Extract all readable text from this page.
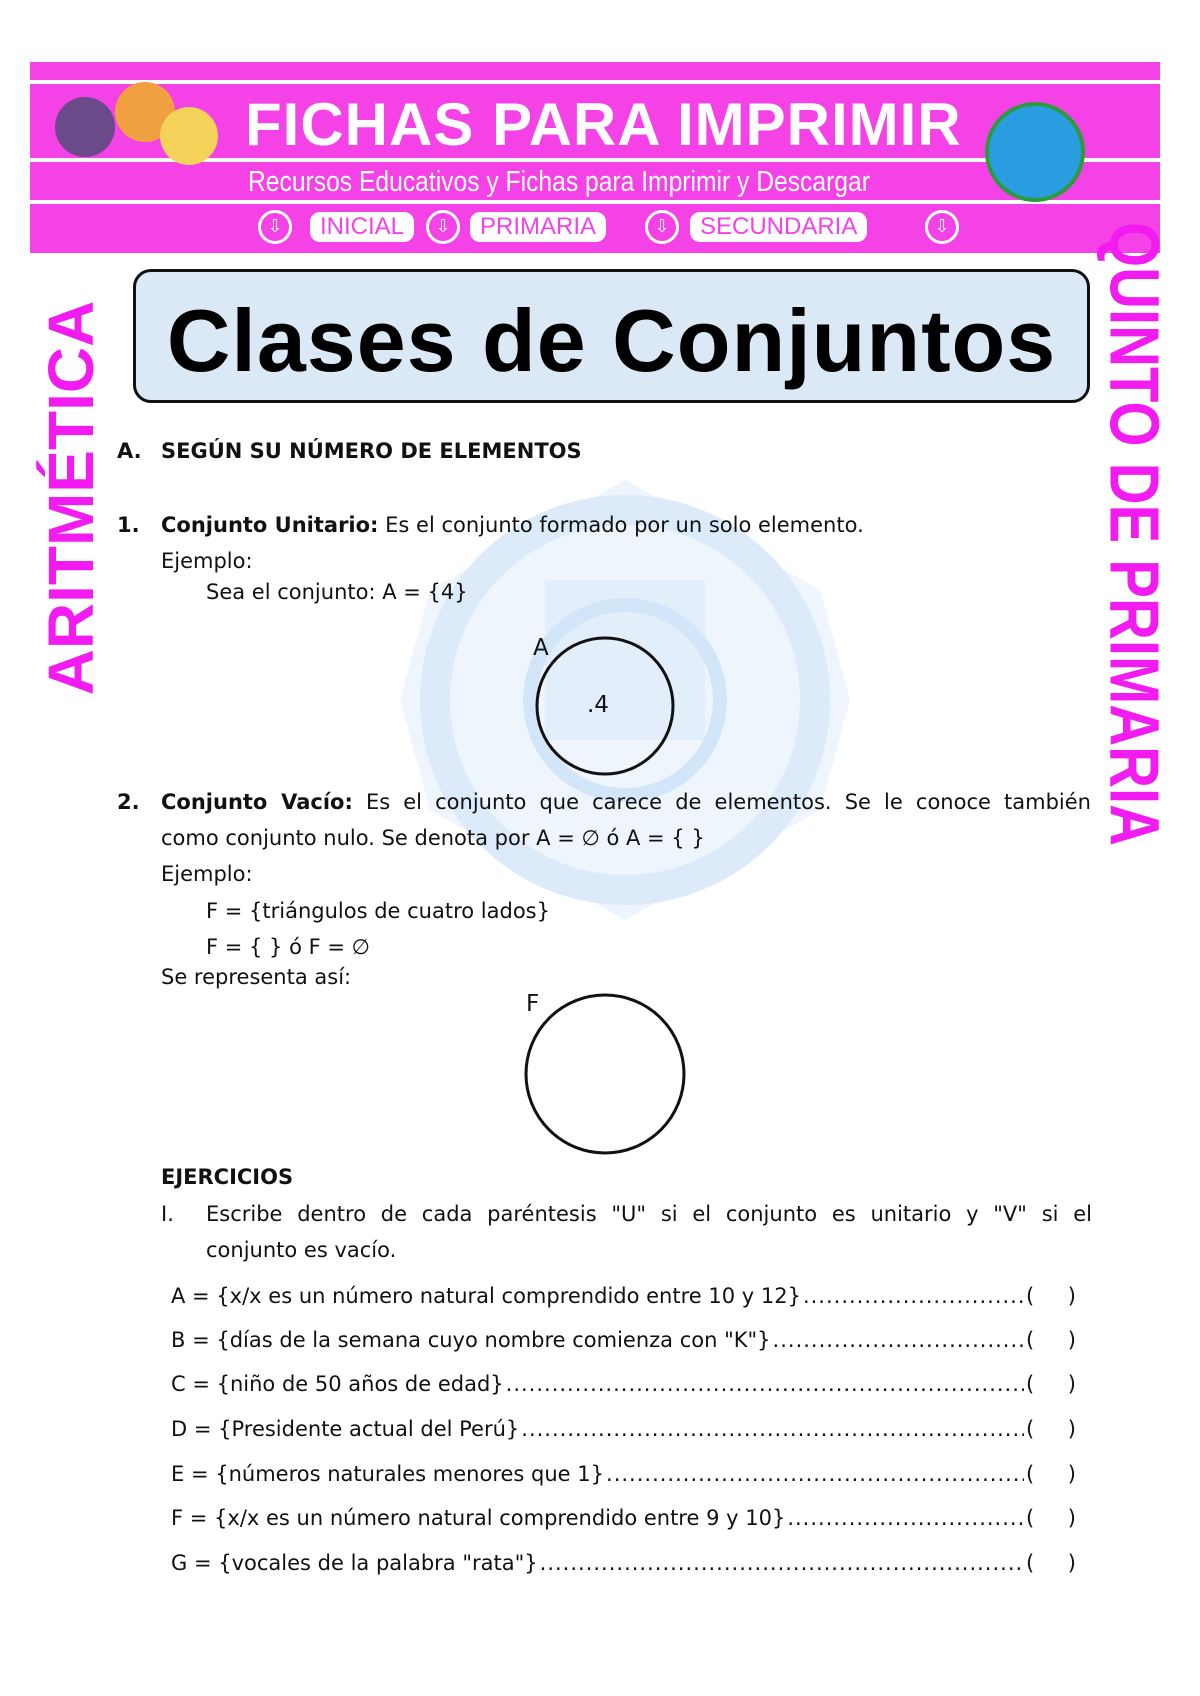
FICHAS PARA IMPRIMIR
Recursos Educativos y Fichas para Imprimir y Descargar
⇩	INICIAL	⇩	PRIMARIA	⇩	SECUNDARIA	⇩
ARITMÉTICA	QUINTO DE PRIMARIA
Clases de Conjuntos
A. SEGÚN SU NÚMERO DE ELEMENTOS
1. Conjunto Unitario: Es el conjunto formado por un solo elemento.
Ejemplo:
Sea el conjunto: A = {4}
A
.4
2. Conjunto Vacío: Es el conjunto que carece de elementos. Se le conoce también
como conjunto nulo. Se denota por A = ∅ ó A = { }
Ejemplo:
F = {triángulos de cuatro lados}
F = { } ó F = ∅
Se representa así:
F
EJERCICIOS
I. Escribe dentro de cada paréntesis "U" si el conjunto es unitario y "V" si el
conjunto es vacío.
A = {x/x es un número natural comprendido entre 10 y 12} .....	( )
B = {días de la semana cuyo nombre comienza con "K"} .....	( )
C = {niño de 50 años de edad} .....	( )
D = {Presidente actual del Perú} .....	( )
E = {números naturales menores que 1} .....	( )
F = {x/x es un número natural comprendido entre 9 y 10} .....	( )
G = {vocales de la palabra "rata"} .....	( )
